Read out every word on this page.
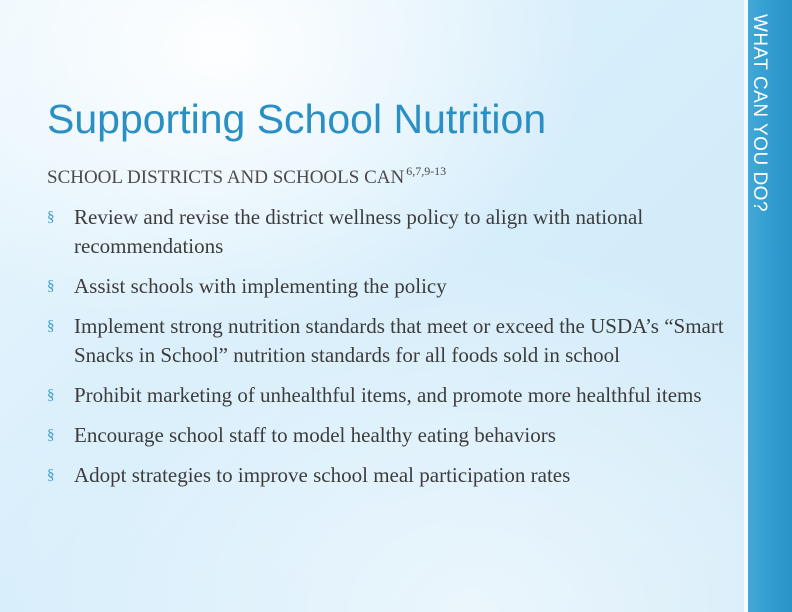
WHAT CAN YOU DO?
Supporting School Nutrition
SCHOOL DISTRICTS AND SCHOOLS CAN $^{6,7,9-13}$
§ Review and revise the district wellness policy to align with national recommendations
§ Assist schools with implementing the policy
§ Implement strong nutrition standards that meet or exceed the USDA’s “Smart Snacks in School” nutrition standards for all foods sold in school
§ Prohibit marketing of unhealthful items, and promote more healthful items
§ Encourage school staff to model healthy eating behaviors
§ Adopt strategies to improve school meal participation rates
